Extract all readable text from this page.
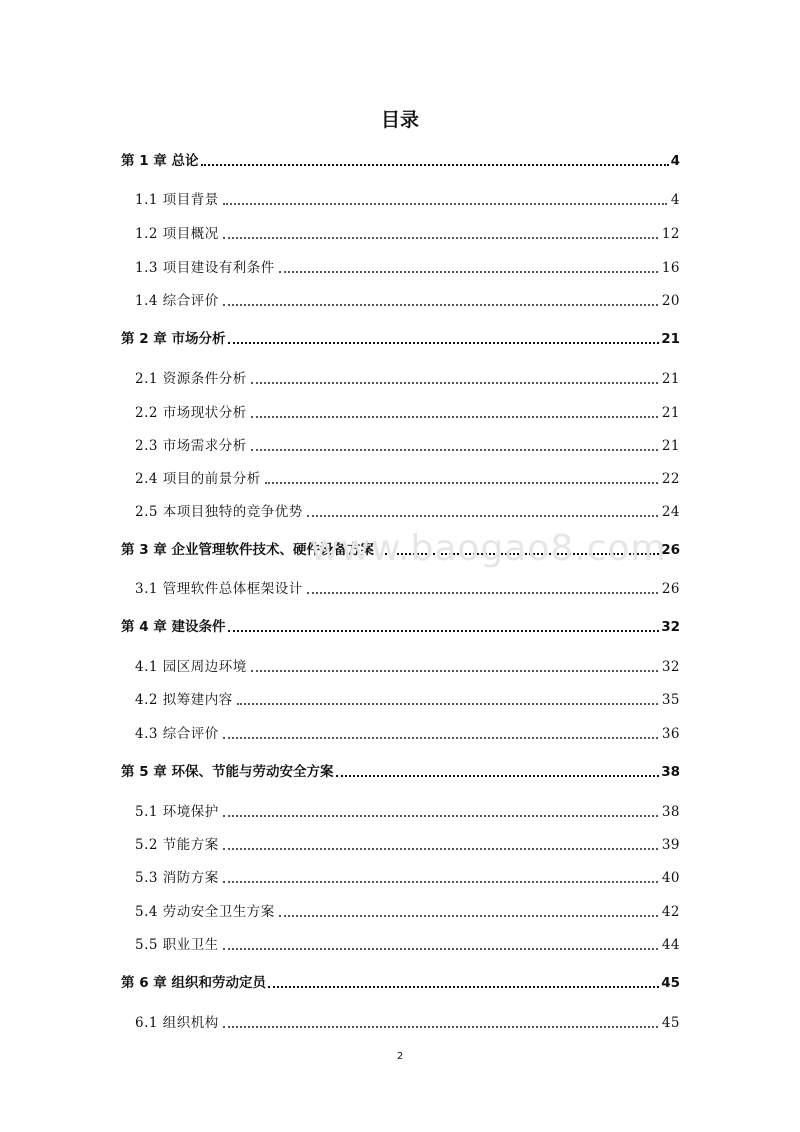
目录
第 1 章 总论	4
1.1 项目背景	4
1.2 项目概况	12
1.3 项目建设有利条件	16
1.4 综合评价	20
第 2 章 市场分析	21
2.1 资源条件分析	21
2.2 市场现状分析	21
2.3 市场需求分析	21
2.4 项目的前景分析	22
2.5 本项目独特的竞争优势	24
第 3 章 企业管理软件技术、硬件设备方案	26
3.1 管理软件总体框架设计	26
第 4 章 建设条件	32
4.1 园区周边环境	32
4.2 拟筹建内容	35
4.3 综合评价	36
第 5 章 环保、节能与劳动安全方案	38
5.1 环境保护	38
5.2 节能方案	39
5.3 消防方案	40
5.4 劳动安全卫生方案	42
5.5 职业卫生	44
第 6 章 组织和劳动定员	45
6.1 组织机构	45
www.baogao8.com
2
